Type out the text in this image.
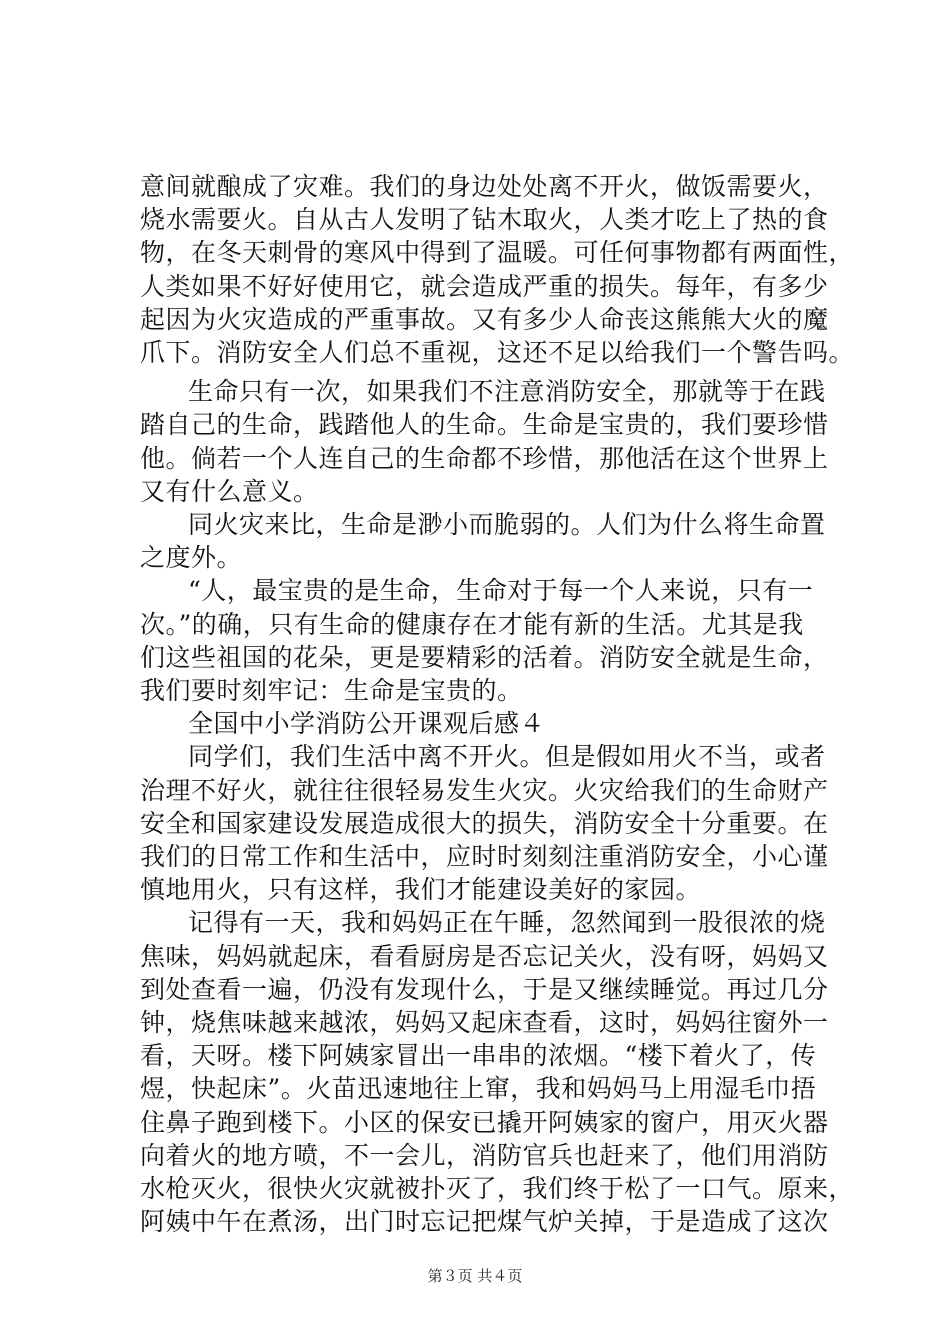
意间就酿成了灾难。我们的身边处处离不开火，做饭需要火，
烧水需要火。自从古人发明了钻木取火，人类才吃上了热的食
物，在冬天刺骨的寒风中得到了温暖。可任何事物都有两面性，
人类如果不好好使用它，就会造成严重的损失。每年，有多少
起因为火灾造成的严重事故。又有多少人命丧这熊熊大火的魔
爪下。消防安全人们总不重视，这还不足以给我们一个警告吗。
生命只有一次，如果我们不注意消防安全，那就等于在践
踏自己的生命，践踏他人的生命。生命是宝贵的，我们要珍惜
他。倘若一个人连自己的生命都不珍惜，那他活在这个世界上
又有什么意义。
同火灾来比，生命是渺小而脆弱的。人们为什么将生命置
之度外。
“人，最宝贵的是生命，生命对于每一个人来说，只有一
次。”的确，只有生命的健康存在才能有新的生活。尤其是我
们这些祖国的花朵，更是要精彩的活着。消防安全就是生命，
我们要时刻牢记：生命是宝贵的。
全国中小学消防公开课观后感４
同学们，我们生活中离不开火。但是假如用火不当，或者
治理不好火，就往往很轻易发生火灾。火灾给我们的生命财产
安全和国家建设发展造成很大的损失，消防安全十分重要。在
我们的日常工作和生活中，应时时刻刻注重消防安全，小心谨
慎地用火，只有这样，我们才能建设美好的家园。
记得有一天，我和妈妈正在午睡，忽然闻到一股很浓的烧
焦味，妈妈就起床，看看厨房是否忘记关火，没有呀，妈妈又
到处查看一遍，仍没有发现什么，于是又继续睡觉。再过几分
钟，烧焦味越来越浓，妈妈又起床查看，这时，妈妈往窗外一
看，天呀。楼下阿姨家冒出一串串的浓烟。“楼下着火了，传
煜，快起床”。火苗迅速地往上窜，我和妈妈马上用湿毛巾捂
住鼻子跑到楼下。小区的保安已撬开阿姨家的窗户，用灭火器
向着火的地方喷，不一会儿，消防官兵也赶来了，他们用消防
水枪灭火，很快火灾就被扑灭了，我们终于松了一口气。原来，
阿姨中午在煮汤，出门时忘记把煤气炉关掉，于是造成了这次
第３页 共４页
